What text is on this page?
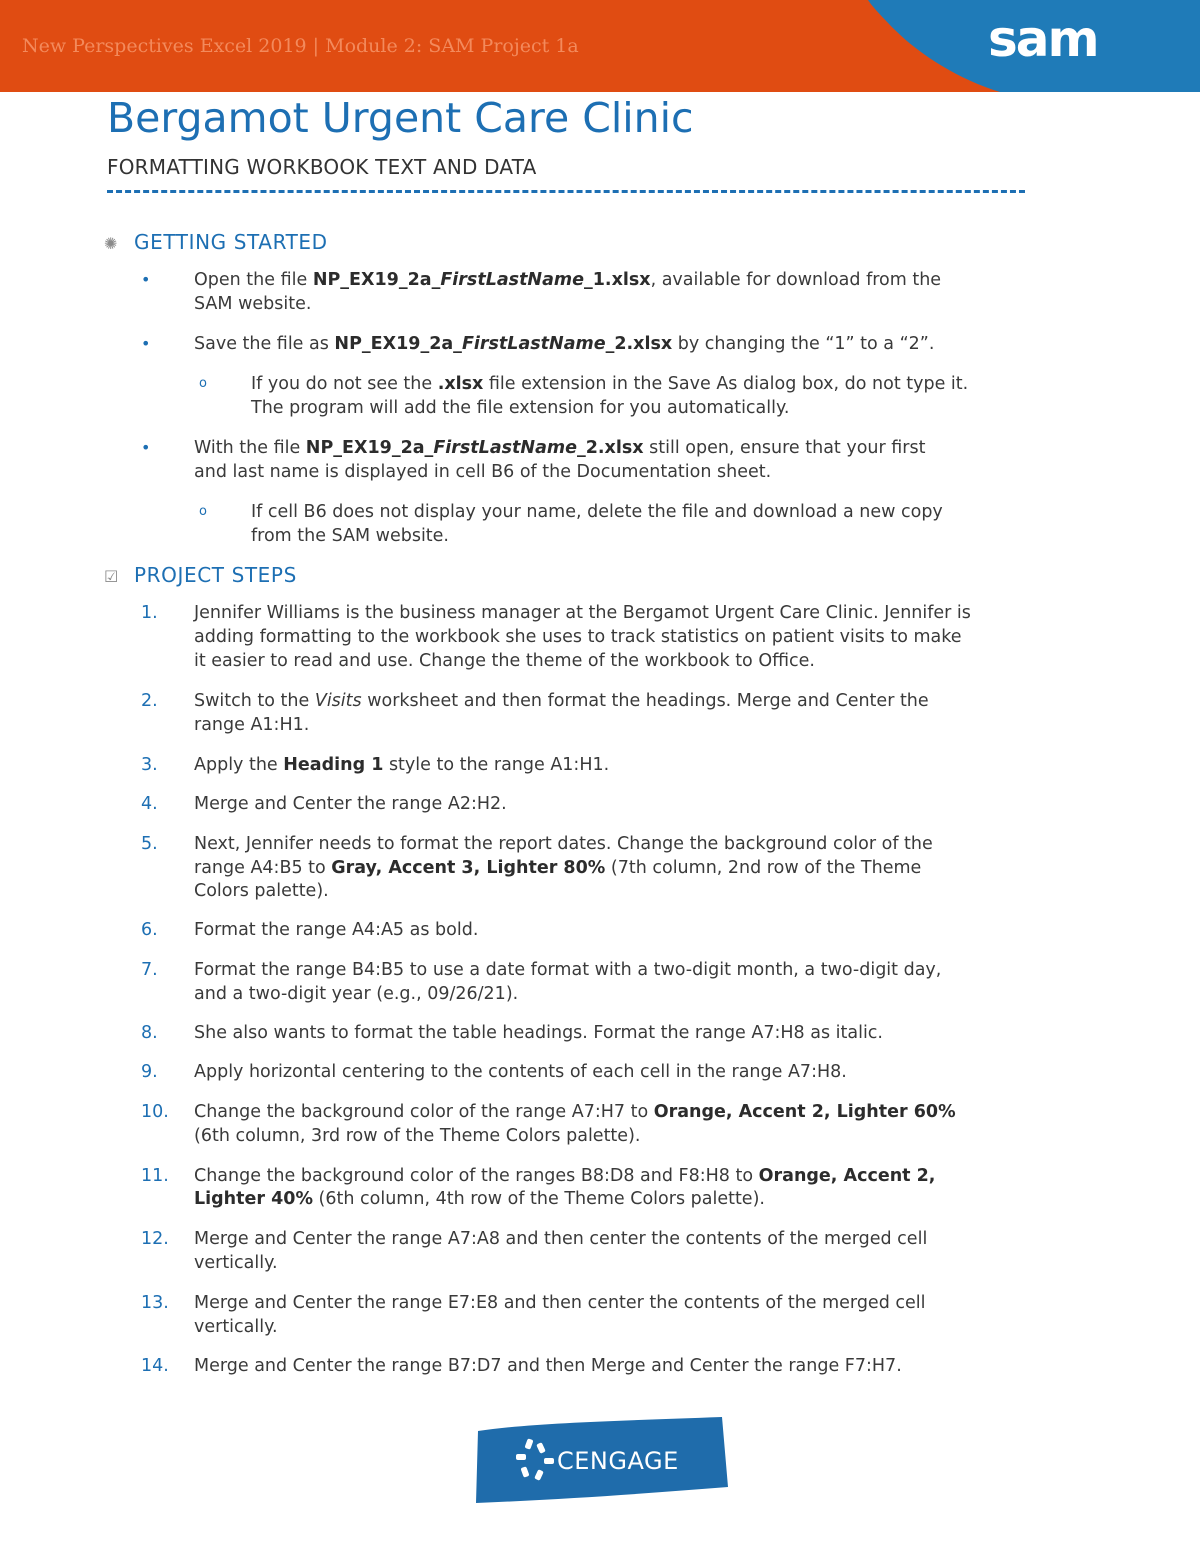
New Perspectives Excel 2019 | Module 2: SAM Project 1a	sam
Bergamot Urgent Care Clinic
FORMATTING WORKBOOK TEXT AND DATA
✺ GETTING STARTED
• Open the file NP_EX19_2a_FirstLastName_1.xlsx, available for download from the
SAM website.
• Save the file as NP_EX19_2a_FirstLastName_2.xlsx by changing the “1” to a “2”.
o	If you do not see the .xlsx file extension in the Save As dialog box, do not type it.
The program will add the file extension for you automatically.
• With the file NP_EX19_2a_FirstLastName_2.xlsx still open, ensure that your first
and last name is displayed in cell B6 of the Documentation sheet.
o	If cell B6 does not display your name, delete the file and download a new copy
from the SAM website.
☑ PROJECT STEPS
1. Jennifer Williams is the business manager at the Bergamot Urgent Care Clinic. Jennifer is
adding formatting to the workbook she uses to track statistics on patient visits to make
it easier to read and use. Change the theme of the workbook to Office.
2. Switch to the Visits worksheet and then format the headings. Merge and Center the
range A1:H1.
3. Apply the Heading 1 style to the range A1:H1.
4. Merge and Center the range A2:H2.
5. Next, Jennifer needs to format the report dates. Change the background color of the
range A4:B5 to Gray, Accent 3, Lighter 80% (7th column, 2nd row of the Theme
Colors palette).
6. Format the range A4:A5 as bold.
7. Format the range B4:B5 to use a date format with a two-digit month, a two-digit day,
and a two-digit year (e.g., 09/26/21).
8. She also wants to format the table headings. Format the range A7:H8 as italic.
9. Apply horizontal centering to the contents of each cell in the range A7:H8.
10. Change the background color of the range A7:H7 to Orange, Accent 2, Lighter 60%
(6th column, 3rd row of the Theme Colors palette).
11. Change the background color of the ranges B8:D8 and F8:H8 to Orange, Accent 2,
Lighter 40% (6th column, 4th row of the Theme Colors palette).
12. Merge and Center the range A7:A8 and then center the contents of the merged cell
vertically.
13. Merge and Center the range E7:E8 and then center the contents of the merged cell
vertically.
14. Merge and Center the range B7:D7 and then Merge and Center the range F7:H7.
CENGAGE
